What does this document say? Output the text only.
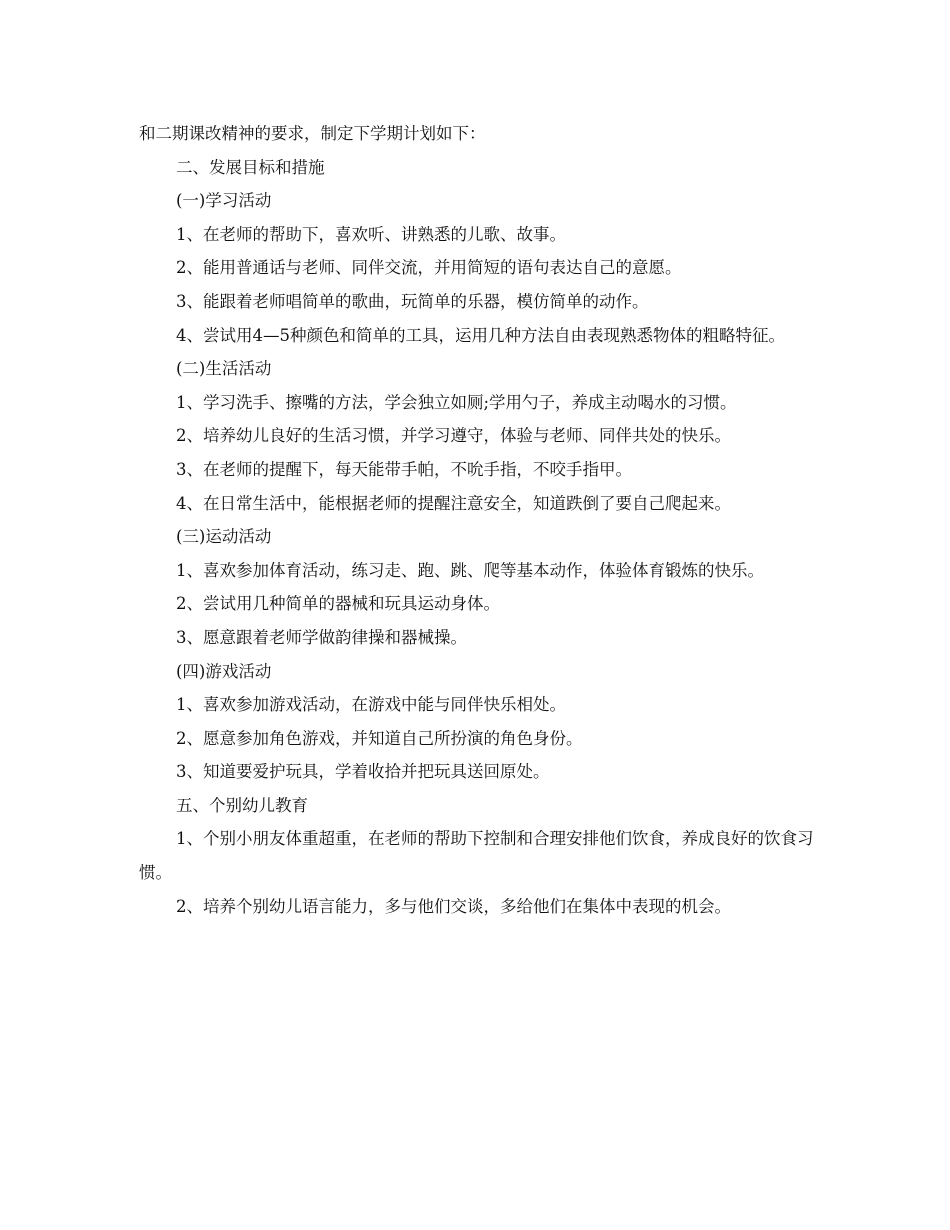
和二期课改精神的要求，制定下学期计划如下：

二、发展目标和措施

(一)学习活动

1、在老师的帮助下，喜欢听、讲熟悉的儿歌、故事。

2、能用普通话与老师、同伴交流，并用简短的语句表达自己的意愿。

3、能跟着老师唱简单的歌曲，玩简单的乐器，模仿简单的动作。

4、尝试用4—5种颜色和简单的工具，运用几种方法自由表现熟悉物体的粗略特征。

(二)生活活动

1、学习洗手、擦嘴的方法，学会独立如厕;学用勺子，养成主动喝水的习惯。

2、培养幼儿良好的生活习惯，并学习遵守，体验与老师、同伴共处的快乐。

3、在老师的提醒下，每天能带手帕，不吮手指，不咬手指甲。

4、在日常生活中，能根据老师的提醒注意安全，知道跌倒了要自己爬起来。

(三)运动活动

1、喜欢参加体育活动，练习走、跑、跳、爬等基本动作，体验体育锻炼的快乐。

2、尝试用几种简单的器械和玩具运动身体。

3、愿意跟着老师学做韵律操和器械操。

(四)游戏活动

1、喜欢参加游戏活动，在游戏中能与同伴快乐相处。

2、愿意参加角色游戏，并知道自己所扮演的角色身份。

3、知道要爱护玩具，学着收拾并把玩具送回原处。

五、个别幼儿教育

1、个别小朋友体重超重，在老师的帮助下控制和合理安排他们饮食，养成良好的饮食习惯。

2、培养个别幼儿语言能力，多与他们交谈，多给他们在集体中表现的机会。
